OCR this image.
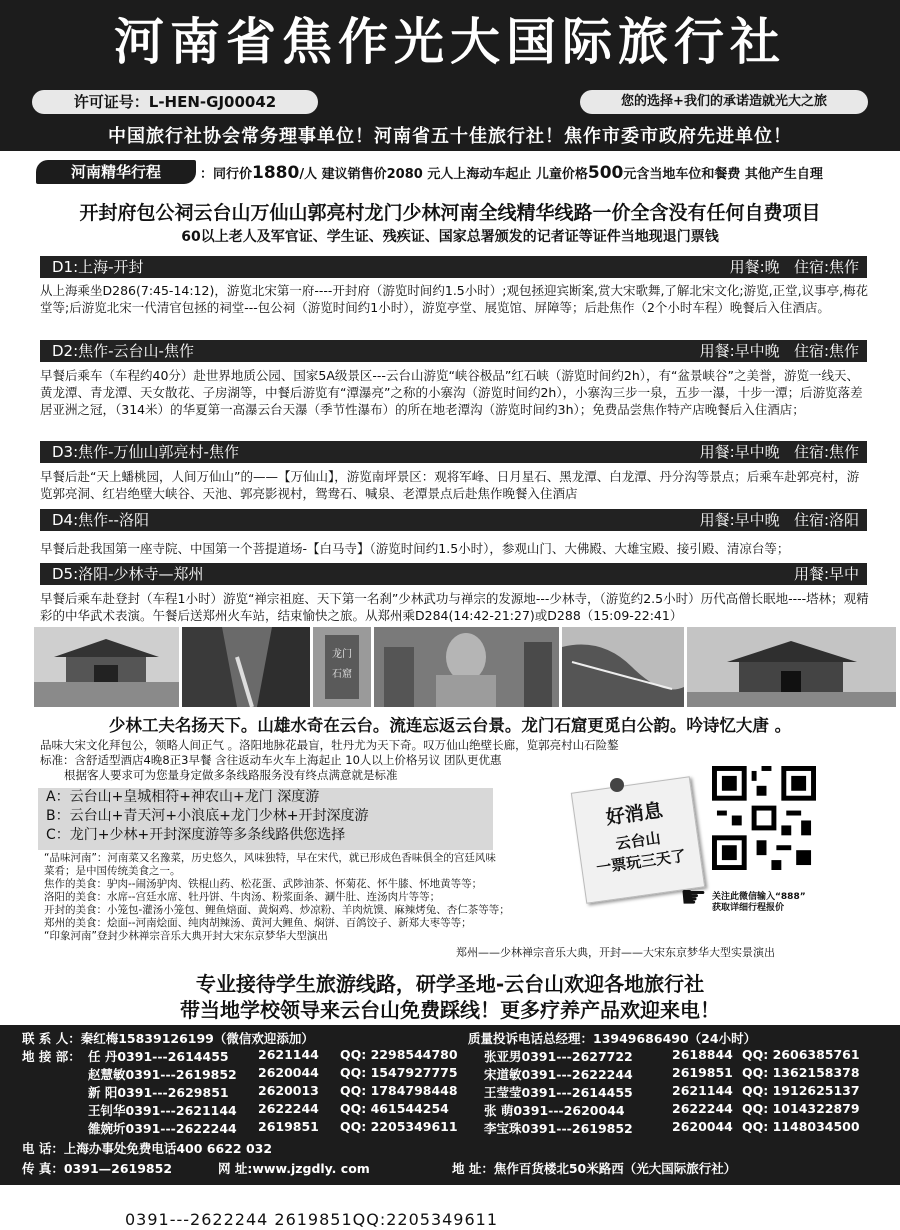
河南省焦作光大国际旅行社
许可证号：L-HEN-GJ00042	您的选择+我们的承诺造就光大之旅
中国旅行社协会常务理事单位！河南省五十佳旅行社！焦作市委市政府先进单位！
河南精华行程	：同行价1880/人 建议销售价2080 元人上海动车起止 儿童价格500元含当地车位和餐费 其他产生自理
开封府包公祠云台山万仙山郭亮村龙门少林河南全线精华线路一价全含没有任何自费项目
60以上老人及军官证、学生证、残疾证、国家总署颁发的记者证等证件当地现退门票钱
D1:上海-开封	用餐:晚 住宿:焦作
从上海乘坐D286(7:45-14:12)，游览北宋第一府----开封府（游览时间约1.5小时）;观包拯迎宾断案,赏大宋歌舞,了解北宋文化;游览,正堂,议事亭,梅花堂等;后游览北宋一代清官包拯的祠堂---包公祠（游览时间约1小时），游览亭堂、展览馆、屏障等；后赴焦作（2个小时车程）晚餐后入住酒店。
D2:焦作-云台山-焦作	用餐:早中晚 住宿:焦作
早餐后乘车（车程约40分）赴世界地质公园、国家5A级景区---云台山游览“峡谷极品”红石峡（游览时间约2h），有“盆景峡谷”之美誉，游览一线天、黄龙潭、青龙潭、天女散花、子房湖等，中餐后游览有“潭瀑亮”之称的小寨沟（游览时间约2h），小寨沟三步一泉，五步一瀑，十步一潭；后游览落差居亚洲之冠，（314米）的华夏第一高瀑云台天瀑（季节性瀑布）的所在地老潭沟（游览时间约3h）；免费品尝焦作特产店晚餐后入住酒店；
D3:焦作-万仙山郭亮村-焦作	用餐:早中晚 住宿:焦作
早餐后赴“天上蟠桃园，人间万仙山”的——【万仙山】，游览南坪景区：观将军峰、日月星石、黑龙潭、白龙潭、丹分沟等景点；后乘车赴郭亮村，游览郭亮洞、红岩绝壁大峡谷、天池、郭亮影视村，鸳鸯石、喊泉、老潭景点后赴焦作晚餐入住酒店
D4:焦作--洛阳	用餐:早中晚 住宿:洛阳
早餐后赴我国第一座寺院、中国第一个菩提道场-【白马寺】（游览时间约1.5小时），参观山门、大佛殿、大雄宝殿、接引殿、清凉台等；
D5:洛阳-少林寺—郑州	用餐:早中
早餐后乘车赴登封（车程1小时）游览“禅宗祖庭、天下第一名刹”少林武功与禅宗的发源地---少林寺，（游览约2.5小时）历代高僧长眠地----塔林；观精彩的中华武术表演。午餐后送郑州火车站，结束愉快之旅。从郑州乘D284(14:42-21:27)或D288（15:09-22:41）
龙门
石窟
少林工夫名扬天下。山雄水奇在云台。流连忘返云台景。龙门石窟更觅白公韵。吟诗忆大唐 。
品味大宋文化拜包公，领略人间正气 。洛阳地脉花最盲，牡丹尤为天下奇。叹万仙山绝壁长廊，览郭亮村山石险鏊
标准：含舒适型酒店4晚8正3早餐 含往返动车火车上海起止 10人以上价格另议 团队更优惠
根据客人要求可为您量身定做多条线路服务没有终点满意就是标准
A：云台山+皇城相符+神农山+龙门 深度游
B：云台山+青天河+小浪底+龙门少林+开封深度游
C：龙门+少林+开封深度游等多条线路供您选择
“品味河南”：河南菜又名豫菜，历史悠久，风味独特，早在宋代，就已形成色香味俱全的宫廷风味
菜肴；是中国传统美食之一。
焦作的美食：驴肉--闹汤驴肉、铁棍山药、松花蛋、武陟油茶、怀菊花、怀牛膝、怀地黄等等；
洛阳的美食：水席--宫廷水席、牡丹饼、牛肉汤、粉浆面条、涮牛肚、连汤肉片等等；
开封的美食：小笼包-灌汤小笼包、鲤鱼焙面、黄焖鸡、炒凉粉、羊肉炕馍、麻辣烤兔、杏仁茶等等；
郑州的美食：烩面--河南烩面、纯肉胡辣汤、黄河大鲤鱼、焖饼、百鸽饺子、新郑大枣等等；
“印象河南”登封少林禅宗音乐大典开封大宋东京梦华大型演出
好消息
云台山
一票玩三天了
☛ 关注此微信输入“888”
获取详细行程报价
郑州——少林禅宗音乐大典，开封——大宋东京梦华大型实景演出
专业接待学生旅游线路，研学圣地-云台山欢迎各地旅行社
带当地学校领导来云台山免费踩线！更多疗养产品欢迎来电！
联 系 人：秦红梅15839126199（微信欢迎添加）	质量投诉电话总经理：13949686490（24小时）
地 接 部： 任 丹0391---2614455 2621144 QQ: 2298544780
赵慧敏0391---2619852 2620044 QQ: 1547927775
新 阳0391---2629851 2620013 QQ: 1784798448
王钊华0391---2621144 2622244 QQ: 461544254
雒婉圻0391---2622244 2619851 QQ: 2205349611
张亚男0391---2627722	2618844 QQ: 2606385761
宋道敏0391---2622244	2619851 QQ: 1362158378
王莹莹0391---2614455	2621144 QQ: 1912625137
张 萌0391---2620044	2622244 QQ: 1014322879
李宝珠0391---2619852	2620044 QQ: 1148034500
电 话：上海办事处免费电话400 6622 032
传 真：0391—2619852	网 址:www.jzgdly. com	地 址：焦作百货楼北50米路西（光大国际旅行社）
0391---2622244 2619851QQ:2205349611
